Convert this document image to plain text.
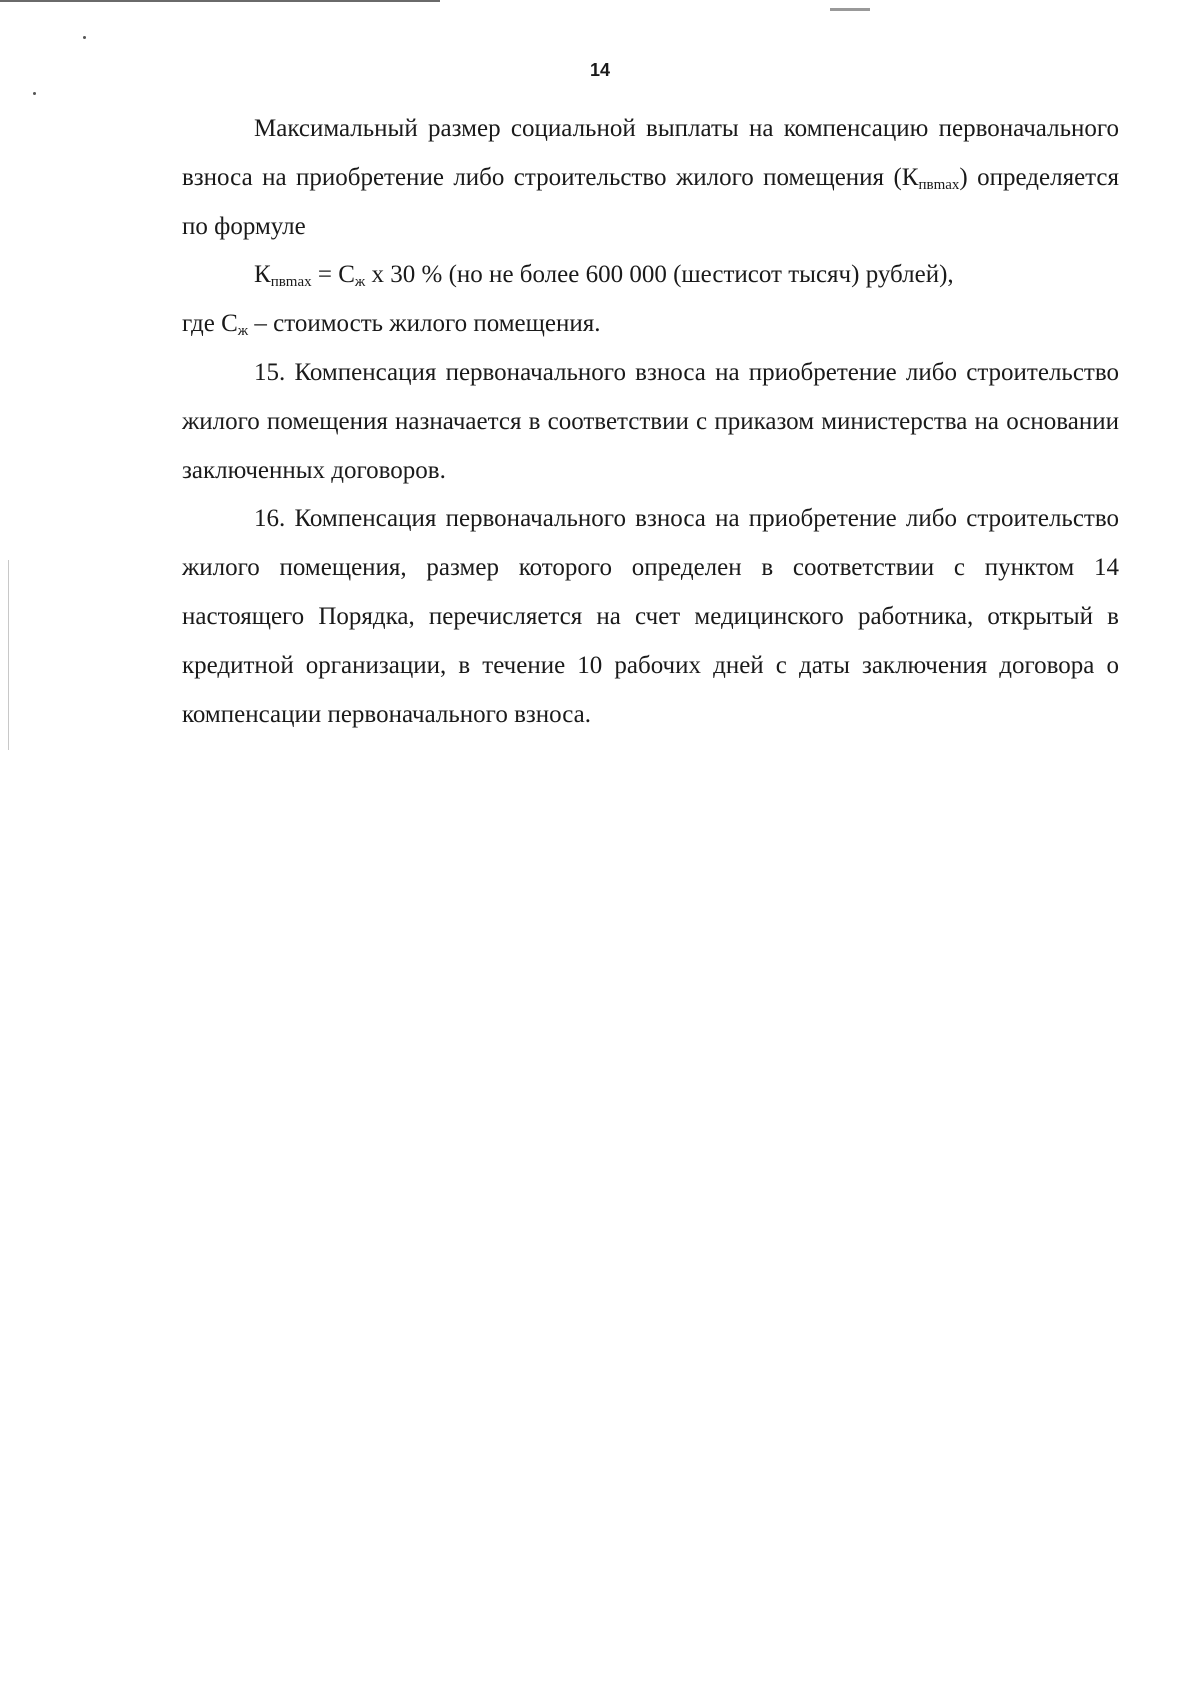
14

Максимальный размер социальной выплаты на компенсацию первоначального взноса на приобретение либо строительство жилого помещения $(К_{пвmax})$ определяется по формуле

$К_{пвmax} = С_ж$ х 30 % (но не более 600 000 (шестисот тысяч) рублей),

где $С_ж$ – стоимость жилого помещения.

15. Компенсация первоначального взноса на приобретение либо строительство жилого помещения назначается в соответствии с приказом министерства на основании заключенных договоров.

16. Компенсация первоначального взноса на приобретение либо строительство жилого помещения, размер которого определен в соответствии с пунктом 14 настоящего Порядка, перечисляется на счет медицинского работника, открытый в кредитной организации, в течение 10 рабочих дней с даты заключения договора о компенсации первоначального взноса.
